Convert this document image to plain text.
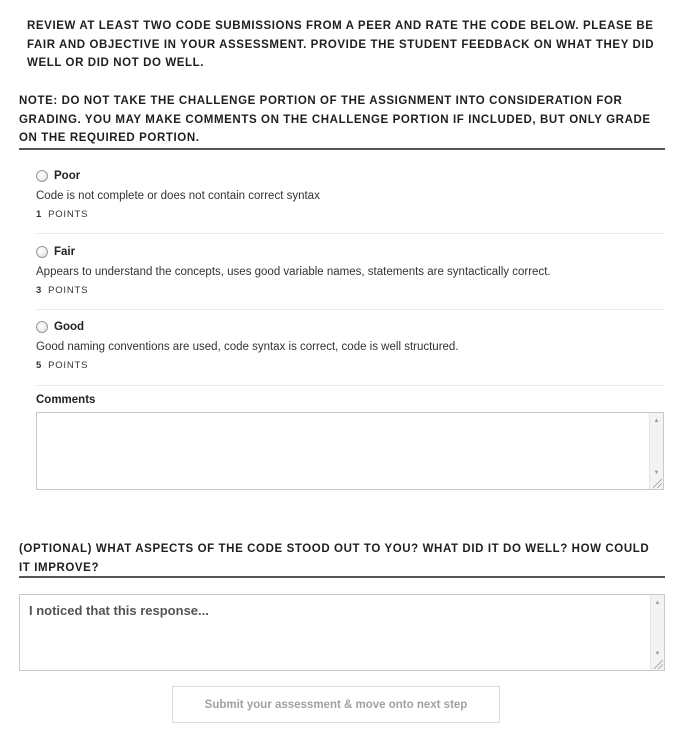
REVIEW AT LEAST TWO CODE SUBMISSIONS FROM A PEER AND RATE THE CODE BELOW. PLEASE BE FAIR AND OBJECTIVE IN YOUR ASSESSMENT. PROVIDE THE STUDENT FEEDBACK ON WHAT THEY DID WELL OR DID NOT DO WELL.
NOTE: DO NOT TAKE THE CHALLENGE PORTION OF THE ASSIGNMENT INTO CONSIDERATION FOR GRADING. YOU MAY MAKE COMMENTS ON THE CHALLENGE PORTION IF INCLUDED, BUT ONLY GRADE ON THE REQUIRED PORTION.
Poor
Code is not complete or does not contain correct syntax
1 POINTS
Fair
Appears to understand the concepts, uses good variable names, statements are syntactically correct.
3 POINTS
Good
Good naming conventions are used, code syntax is correct, code is well structured.
5 POINTS
Comments
▲
▼
(OPTIONAL) WHAT ASPECTS OF THE CODE STOOD OUT TO YOU? WHAT DID IT DO WELL? HOW COULD IT IMPROVE?
I noticed that this response...
▲
▼
Submit your assessment & move onto next step
